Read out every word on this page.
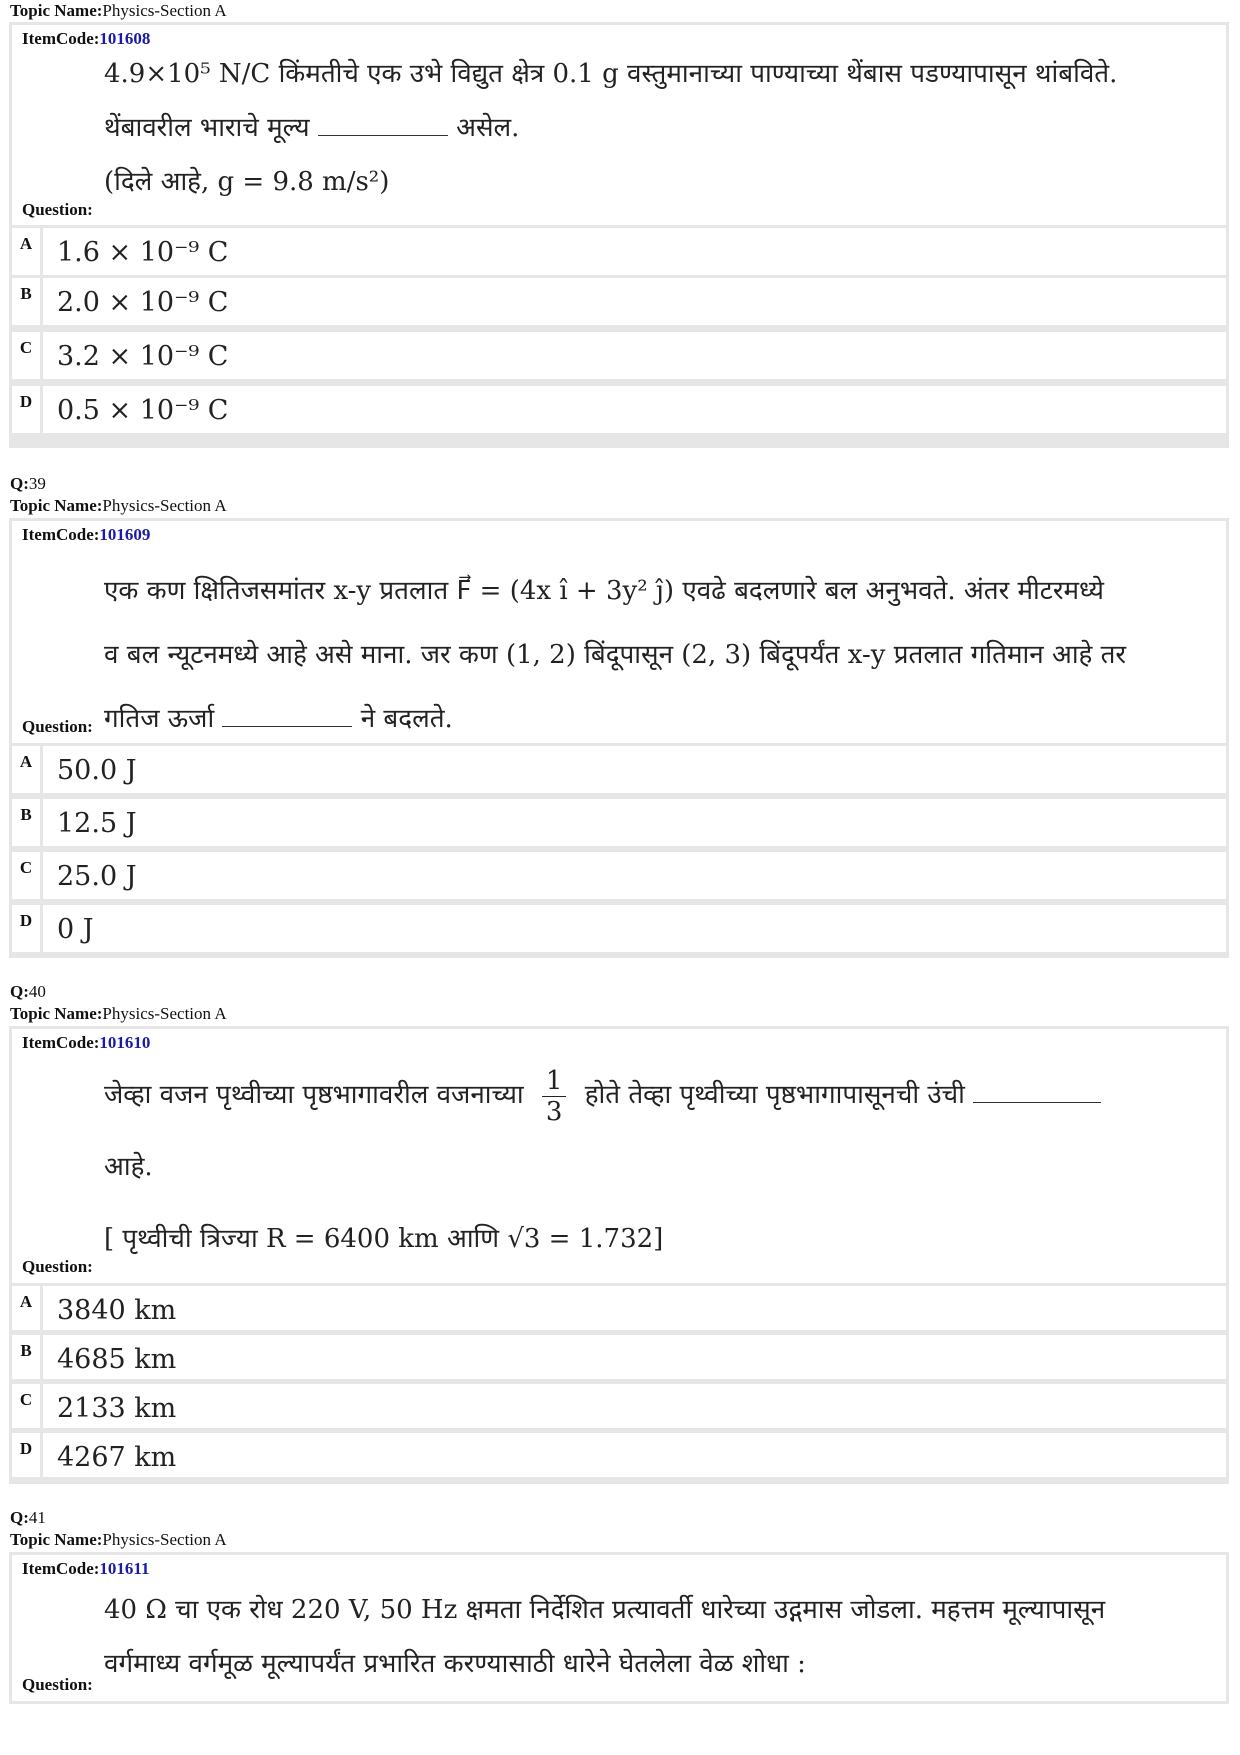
Topic Name:Physics-Section A
ItemCode:101608
4.9×10⁵ N/C किंमतीचे एक उभे विद्युत क्षेत्र 0.1 g वस्तुमानाच्या पाण्याच्या थेंबास पडण्यापासून थांबविते.
थेंबावरील भाराचे मूल्य	असेल.
(दिले आहे, g = 9.8 m/s²)
Question:
A 1.6 × 10⁻⁹ C
B 2.0 × 10⁻⁹ C
C 3.2 × 10⁻⁹ C
D 0.5 × 10⁻⁹ C
Q:39
Topic Name:Physics-Section A
ItemCode:101609
एक कण क्षितिजसमांतर x-y प्रतलात F⃗ = (4x î + 3y² ĵ) एवढे बदलणारे बल अनुभवते. अंतर मीटरमध्ये
व बल न्यूटनमध्ये आहे असे माना. जर कण (1, 2) बिंदूपासून (2, 3) बिंदूपर्यंत x-y प्रतलात गतिमान आहे तर
गतिज ऊर्जा	ने बदलते.
Question:
A 50.0 J
B 12.5 J
C 25.0 J
D 0 J
Q:40
Topic Name:Physics-Section A
ItemCode:101610
जेव्हा वजन पृथ्वीच्या पृष्ठभागावरील वजनाच्या $\frac{1}{3}$ होते तेव्हा पृथ्वीच्या पृष्ठभागापासूनची उंची
आहे.
[ पृथ्वीची त्रिज्या R = 6400 km आणि √3 = 1.732]
Question:
A 3840 km
B 4685 km
C 2133 km
D 4267 km
Q:41
Topic Name:Physics-Section A
ItemCode:101611
40 Ω चा एक रोध 220 V, 50 Hz क्षमता निर्देशित प्रत्यावर्ती धारेच्या उद्गमास जोडला. महत्तम मूल्यापासून
वर्गमाध्य वर्गमूळ मूल्यापर्यंत प्रभारित करण्यासाठी धारेने घेतलेला वेळ शोधा :
Question:
